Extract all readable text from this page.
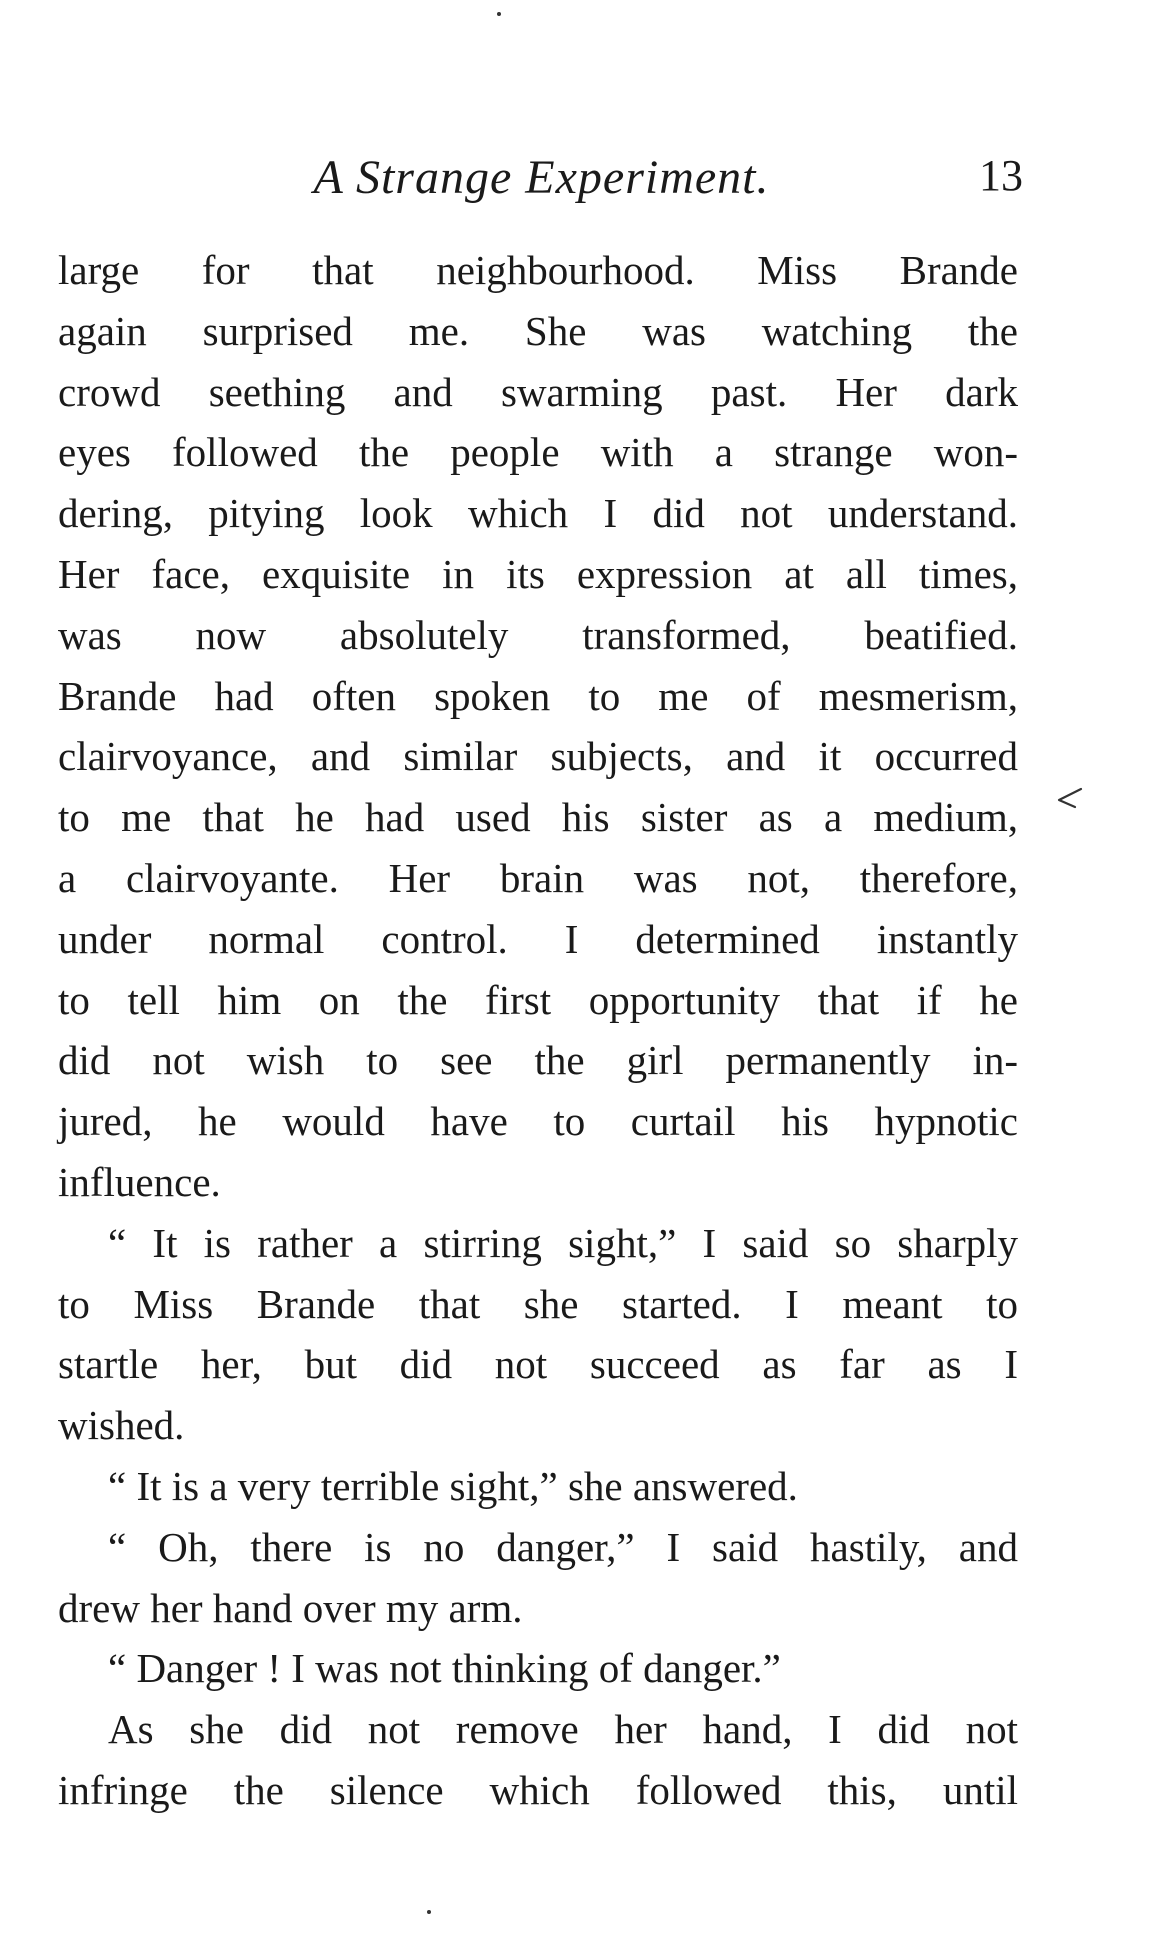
A Strange Experiment.	13
large for that neighbourhood. Miss Brande
again surprised me. She was watching the
crowd seething and swarming past. Her dark
eyes followed the people with a strange won-
dering, pitying look which I did not understand.
Her face, exquisite in its expression at all times,
was now absolutely transformed, beatified.
Brande had often spoken to me of mesmerism,
clairvoyance, and similar subjects, and it occurred
to me that he had used his sister as a medium,
a clairvoyante. Her brain was not, therefore,
under normal control. I determined instantly
to tell him on the first opportunity that if he
did not wish to see the girl permanently in-
jured, he would have to curtail his hypnotic
influence.
“ It is rather a stirring sight,” I said so sharply
to Miss Brande that she started. I meant to
startle her, but did not succeed as far as I
wished.
“ It is a very terrible sight,” she answered.
“ Oh, there is no danger,” I said hastily, and
drew her hand over my arm.
“ Danger ! I was not thinking of danger.”
As she did not remove her hand, I did not
infringe the silence which followed this, until
